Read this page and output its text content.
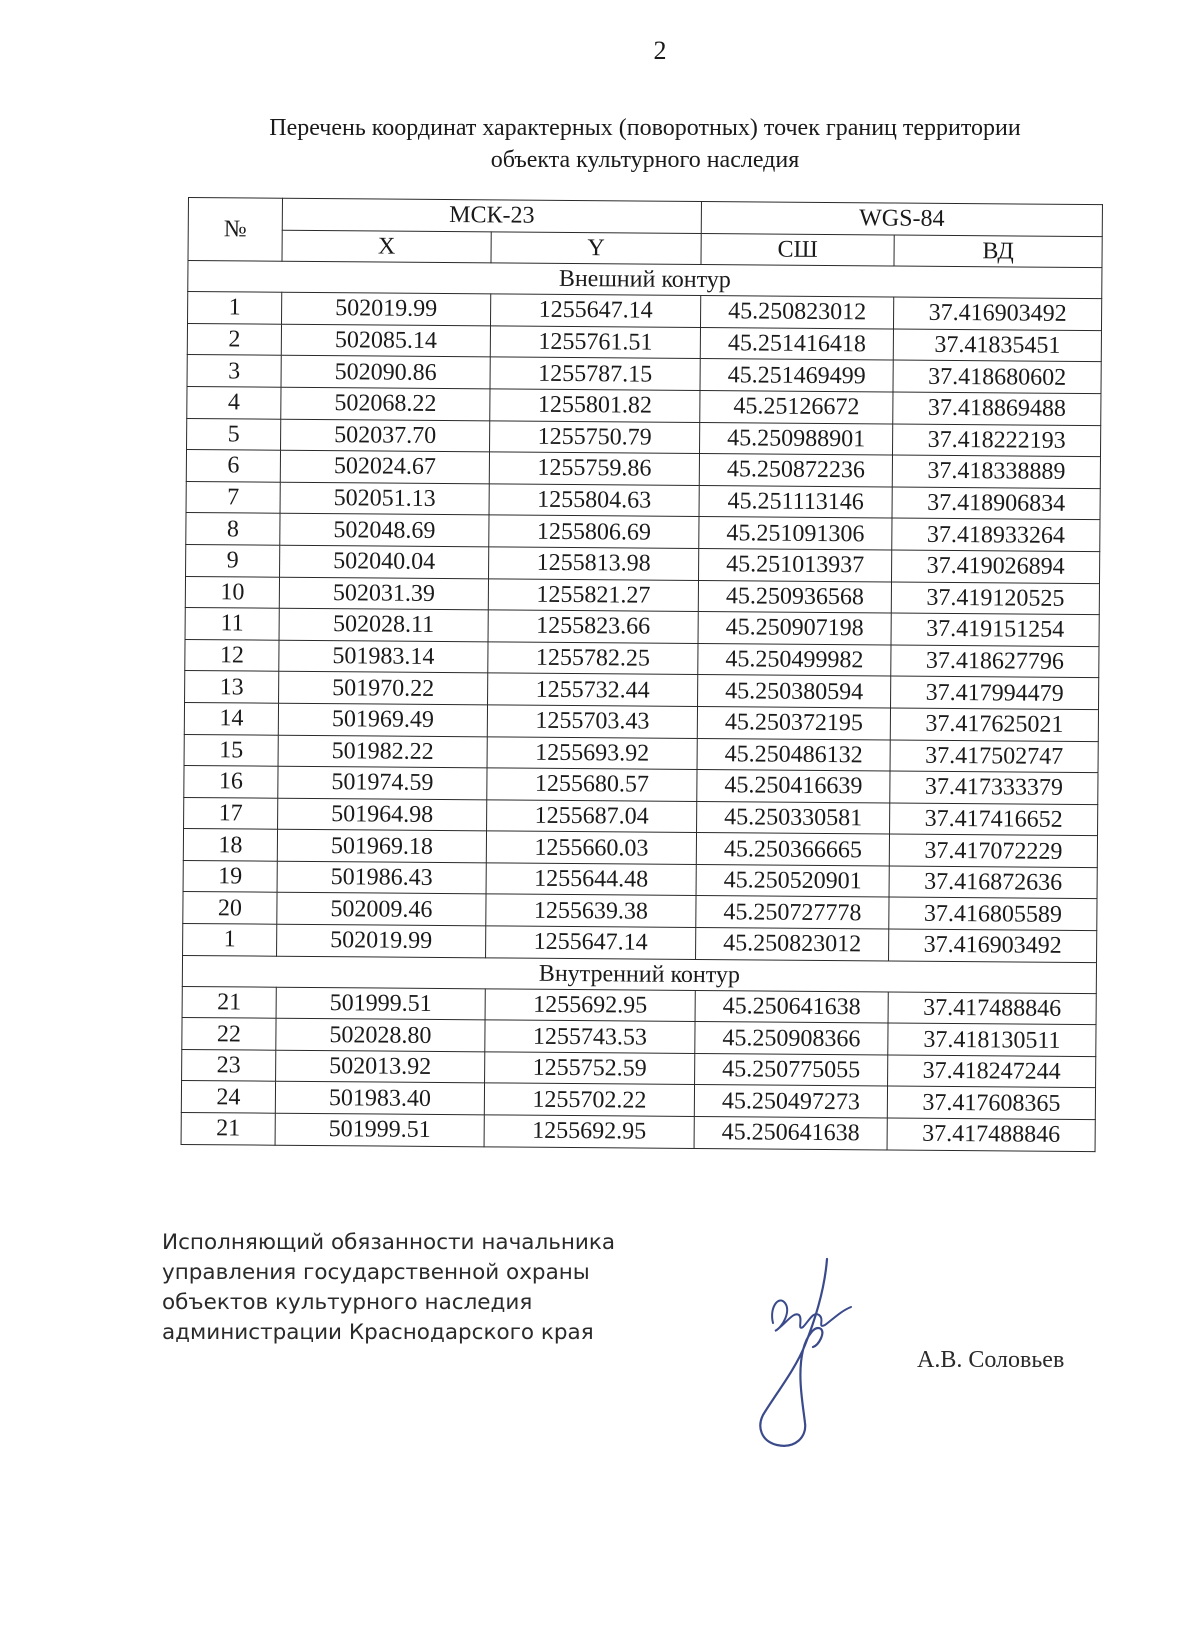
2
Перечень координат характерных (поворотных) точек границ территории
объекта культурного наследия
№	МСК-23		WGS-84	
	X	Y	СШ	ВД
Внешний контур				
1	502019.99	1255647.14	45.250823012	37.416903492
2	502085.14	1255761.51	45.251416418	37.41835451
3	502090.86	1255787.15	45.251469499	37.418680602
4	502068.22	1255801.82	45.25126672	37.418869488
5	502037.70	1255750.79	45.250988901	37.418222193
6	502024.67	1255759.86	45.250872236	37.418338889
7	502051.13	1255804.63	45.251113146	37.418906834
8	502048.69	1255806.69	45.251091306	37.418933264
9	502040.04	1255813.98	45.251013937	37.419026894
10	502031.39	1255821.27	45.250936568	37.419120525
11	502028.11	1255823.66	45.250907198	37.419151254
12	501983.14	1255782.25	45.250499982	37.418627796
13	501970.22	1255732.44	45.250380594	37.417994479
14	501969.49	1255703.43	45.250372195	37.417625021
15	501982.22	1255693.92	45.250486132	37.417502747
16	501974.59	1255680.57	45.250416639	37.417333379
17	501964.98	1255687.04	45.250330581	37.417416652
18	501969.18	1255660.03	45.250366665	37.417072229
19	501986.43	1255644.48	45.250520901	37.416872636
20	502009.46	1255639.38	45.250727778	37.416805589
1	502019.99	1255647.14	45.250823012	37.416903492
Внутренний контур				
21	501999.51	1255692.95	45.250641638	37.417488846
22	502028.80	1255743.53	45.250908366	37.418130511
23	502013.92	1255752.59	45.250775055	37.418247244
24	501983.40	1255702.22	45.250497273	37.417608365
21	501999.51	1255692.95	45.250641638	37.417488846
Исполняющий обязанности начальника
управления государственной охраны
объектов культурного наследия
администрации Краснодарского края
А.В. Соловьев
